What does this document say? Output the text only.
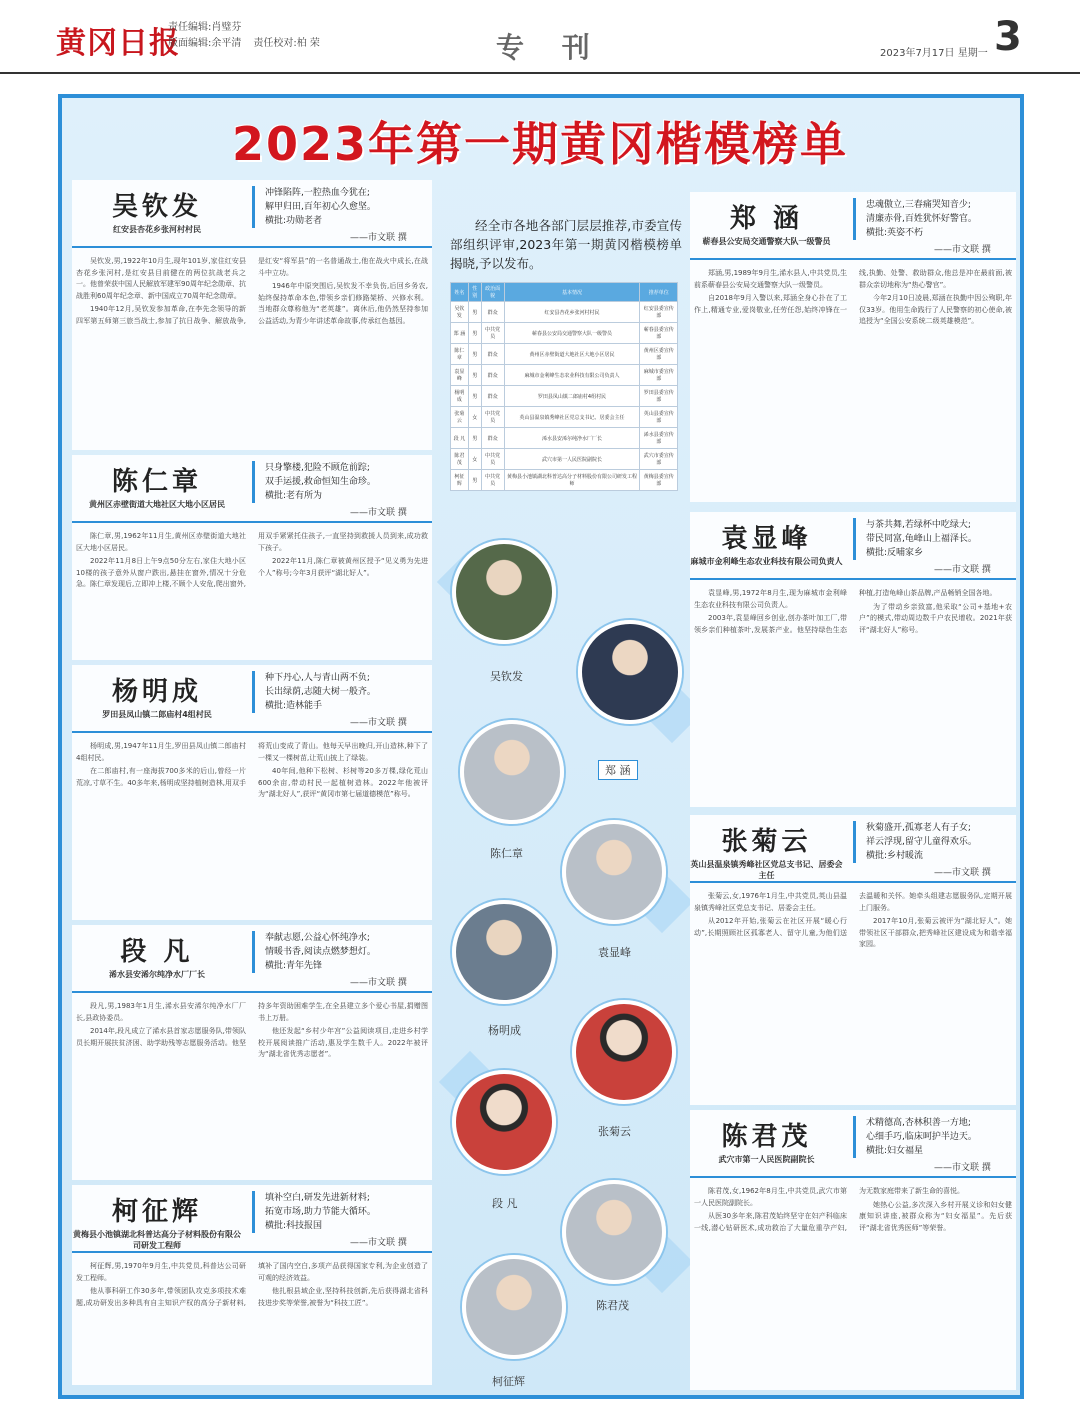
黄冈日报
责任编辑:肖璧芬
版面编辑:余平清 责任校对:柏 荣	专 刊	2023年7月17日 星期一 3
2023年第一期黄冈楷模榜单
经全市各地各部门层层推荐,市委宣传部组织评审,2023年第一期黄冈楷模榜单揭晓,予以发布。
姓名	性别	政治面貌	基本情况	推荐单位
吴钦发	男	群众	红安县杏花乡张河村村民	红安县委宣传部
郑 涵	男	中共党员	蕲春县公安局交通警察大队一级警员	蕲春县委宣传部
陈仁章	男	群众	黄州区赤壁街道大地社区大地小区居民	黄州区委宣传部
袁显峰	男	群众	麻城市金利峰生态农业科技有限公司负责人	麻城市委宣传部
杨明成	男	群众	罗田县凤山镇二郎庙村4组村民	罗田县委宣传部
张菊云	女	中共党员	英山县温泉镇秀峰社区党总支书记、居委会主任	英山县委宣传部
段 凡	男	群众	浠水县安浠尔纯净水厂厂长	浠水县委宣传部
陈君茂	女	中共党员	武穴市第一人民医院副院长	武穴市委宣传部
柯征辉	男	中共党员	黄梅县小池镇湖北科普达高分子材料股份有限公司研发工程师	黄梅县委宣传部
吴钦发
郑 涵
陈仁章
袁显峰
杨明成
张菊云
段 凡
陈君茂
柯征辉
吴钦发
红安县杏花乡张河村村民
冲锋陷阵,一腔热血今犹在;
解甲归田,百年初心久愈坚。
横批:功勋老者
——市文联 撰

吴钦发,男,1922年10月生,现年101岁,家住红安县杏花乡张河村,是红安县目前健在的两位抗战老兵之一。他曾荣获中国人民解放军建军90周年纪念勋章、抗战胜利60周年纪念章、新中国成立70周年纪念勋章。

1940年12月,吴钦发参加革命,在李先念领导的新四军第五师第三旅当战士,参加了抗日战争、解放战争,是红安“将军县”的一名普通战士,他在战火中成长,在战斗中立功。

1946年中原突围后,吴钦发不幸负伤,后回乡务农,始终保持革命本色,带领乡亲们修路架桥、兴修水利。当地群众尊称他为“老英雄”。离休后,他仍然坚持参加公益活动,为青少年讲述革命故事,传承红色基因。

陈仁章
黄州区赤壁街道大地社区大地小区居民
只身擎楼,犯险不顾危前踪;
双手运援,救命恒知生命珍。
横批:老有所为
——市文联 撰

陈仁章,男,1962年11月生,黄州区赤壁街道大地社区大地小区居民。

2022年11月8日上午9点50分左右,家住大地小区10楼的孩子意外从窗户跌出,悬挂在窗外,情况十分危急。陈仁章发现后,立即冲上楼,不顾个人安危,爬出窗外,用双手紧紧托住孩子,一直坚持到救援人员到来,成功救下孩子。

2022年11月,陈仁章被黄州区授予“见义勇为先进个人”称号;今年3月获评“湖北好人”。

杨明成
罗田县凤山镇二郎庙村4组村民
种下丹心,人与青山两不负;
长出绿荫,志随大树一般齐。
横批:造林能手
——市文联 撰

杨明成,男,1947年11月生,罗田县凤山镇二郎庙村4组村民。

在二郎庙村,有一座海拔700多米的后山,曾经一片荒凉,寸草不生。40多年来,杨明成坚持植树造林,用双手将荒山变成了青山。他每天早出晚归,开山造林,种下了一棵又一棵树苗,让荒山披上了绿装。

40年间,他种下松树、杉树等20多万棵,绿化荒山600余亩,带动村民一起植树造林。2022年他被评为“湖北好人”,获评“黄冈市第七届道德模范”称号。

段 凡
浠水县安浠尔纯净水厂厂长
奉献志愿,公益心怀纯净水;
情暖书香,阅读点燃梦想灯。
横批:青年先锋
——市文联 撰

段凡,男,1983年1月生,浠水县安浠尔纯净水厂厂长,县政协委员。

2014年,段凡成立了浠水县首家志愿服务队,带领队员长期开展扶贫济困、助学助残等志愿服务活动。他坚持多年资助困难学生,在全县建立多个爱心书屋,捐赠图书上万册。

他还发起“乡村少年宫”公益阅读项目,走进乡村学校开展阅读推广活动,惠及学生数千人。2022年被评为“湖北省优秀志愿者”。

柯征辉
黄梅县小池镇湖北科普达高分子材料股份有限公司研发工程师
填补空白,研发先进新材料;
拓宽市场,助力节能大循环。
横批:科技报国
——市文联 撰

柯征辉,男,1970年9月生,中共党员,科普达公司研发工程师。

他从事科研工作30多年,带领团队攻克多项技术难题,成功研发出多种具有自主知识产权的高分子新材料,填补了国内空白,多项产品获得国家专利,为企业创造了可观的经济效益。

他扎根县域企业,坚持科技创新,先后获得湖北省科技进步奖等荣誉,被誉为“科技工匠”。

郑 涵
蕲春县公安局交通警察大队一级警员
忠魂傲立,三春痛哭知音少;
清廉赤骨,百姓犹怀好警官。
横批:英姿不朽
——市文联 撰

郑涵,男,1989年9月生,浠水县人,中共党员,生前系蕲春县公安局交通警察大队一级警员。

自2018年9月入警以来,郑涵全身心扑在了工作上,精通专业,爱岗敬业,任劳任怨,始终冲锋在一线,执勤、处警、救助群众,他总是冲在最前面,被群众亲切地称为“热心警官”。

今年2月10日凌晨,郑涵在执勤中因公殉职,年仅33岁。他用生命践行了人民警察的初心使命,被追授为“全国公安系统二级英雄模范”。

袁显峰
麻城市金利峰生态农业科技有限公司负责人
与茶共舞,若绿杯中吃绿大;
带民同富,龟峰山上福泽长。
横批:反哺家乡
——市文联 撰

袁显峰,男,1972年8月生,现为麻城市金利峰生态农业科技有限公司负责人。

2003年,袁显峰回乡创业,创办茶叶加工厂,带领乡亲们种植茶叶,发展茶产业。他坚持绿色生态种植,打造龟峰山茶品牌,产品畅销全国各地。

为了带动乡亲致富,他采取“公司+基地+农户”的模式,带动周边数千户农民增收。2021年获评“湖北好人”称号。

张菊云
英山县温泉镇秀峰社区党总支书记、居委会主任
秋菊盛开,孤寡老人有子女;
祥云浮现,留守儿童得欢乐。
横批:乡村暖流
——市文联 撰

张菊云,女,1976年1月生,中共党员,英山县温泉镇秀峰社区党总支书记、居委会主任。

从2012年开始,张菊云在社区开展“暖心行动”,长期照顾社区孤寡老人、留守儿童,为他们送去温暖和关怀。她牵头组建志愿服务队,定期开展上门服务。

2017年10月,张菊云被评为“湖北好人”。她带领社区干部群众,把秀峰社区建设成为和谐幸福家园。

陈君茂
武穴市第一人民医院副院长
术精德高,杏林积善一方地;
心细手巧,临床呵护半边天。
横批:妇女福星
——市文联 撰

陈君茂,女,1962年8月生,中共党员,武穴市第一人民医院副院长。

从医30多年来,陈君茂始终坚守在妇产科临床一线,潜心钻研医术,成功救治了大量危重孕产妇,为无数家庭带来了新生命的喜悦。

她热心公益,多次深入乡村开展义诊和妇女健康知识讲座,被群众称为“妇女福星”。先后获评“湖北省优秀医师”等荣誉。
